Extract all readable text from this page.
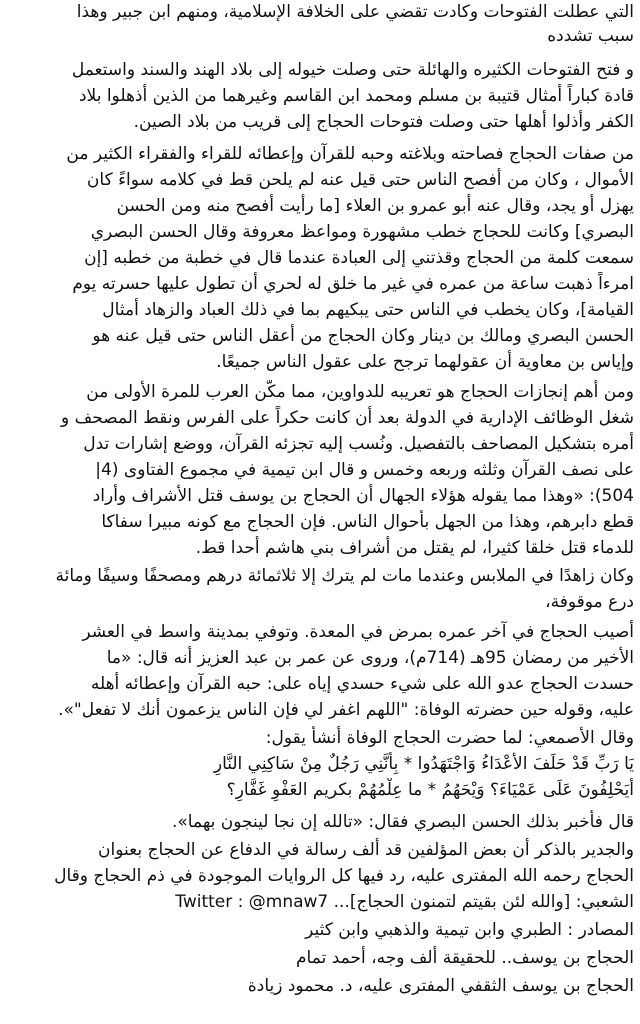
التي عطلت الفتوحات وكادت تقضي على الخلافة الإسلامية، ومنهم ابن جبير وهذا
سبب تشدده
و فتح الفتوحات الكثيره والهائلة حتى وصلت خيوله إلى بلاد الهند والسند واستعمل
قادة كباراً أمثال قتيبة بن مسلم ومحمد ابن القاسم وغيرهما من الذين أذهلوا بلاد
الكفر وأذلوا أهلها حتى وصلت فتوحات الحجاج إلى قريب من بلاد الصين.
من صفات الحجاج فصاحته وبلاغته وحبه للقرآن وإعطائه للقراء والفقراء الكثير من
الأموال ، وكان من أفصح الناس حتى قيل عنه لم يلحن قط في كلامه سواءً كان
يهزل أو يجد، وقال عنه أبو عمرو بن العلاء [ما رأيت أفصح منه ومن الحسن
البصري] وكانت للحجاج خطب مشهورة ومواعظ معروفة وقال الحسن البصري
سمعت كلمة من الحجاج وقذتني إلى العبادة عندما قال في خطبة من خطبه [إن
امرءاً ذهبت ساعة من عمره في غير ما خلق له لحري أن تطول عليها حسرته يوم
القيامة]، وكان يخطب في الناس حتى يبكيهم بما في ذلك العباد والزهاد أمثال
الحسن البصري ومالك بن دينار وكان الحجاج من أعقل الناس حتى قيل عنه هو
وإياس بن معاوية أن عقولهما ترجح على عقول الناس جميعًا.
ومن أهم إنجازات الحجاج هو تعريبه للدواوين، مما مكّن العرب للمرة الأولى من
شغل الوظائف الإدارية في الدولة بعد أن كانت حكراً على الفرس ونقط المصحف و
أمره بتشكيل المصاحف بالتفصيل. ونُسب إليه تجزئه القرآن، ووضع إشارات تدل
على نصف القرآن وثلثه وربعه وخمس و قال ابن تيمية في مجموع الفتاوى (4|
504): «وهذا مما يقوله هؤلاء الجهال أن الحجاج بن يوسف قتل الأشراف وأراد
قطع دابرهم، وهذا من الجهل بأحوال الناس. فإن الحجاج مع كونه مبيرا سفاكا
للدماء قتل خلقا كثيرا، لم يقتل من أشراف بني هاشم أحدا قط.
وكان زاهدًا في الملابس وعندما مات لم يترك إلا ثلاثمائة درهم ومصحفًا وسيفًا ومائة
درع موقوفة،
أصيب الحجاج في آخر عمره بمرض في المعدة. وتوفي بمدينة واسط في العشر
الأخير من رمضان 95هـ (714م)، وروى عن عمر بن عبد العزيز أنه قال: «ما
حسدت الحجاج عدو الله على شيء حسدي إياه على: حبه القرآن وإعطائه أهله
عليه، وقوله حين حضرته الوفاة: "اللهم اغفر لي فإن الناس يزعمون أنك لا تفعل"».
وقال الأصمعي: لما حضرت الحجاج الوفاة أنشأ يقول:
يَا رَبِّ قَدْ حَلَفَ الأَعْدَاءُ وَاجْتَهَدُوا * بِأَنَّنِي رَجُلٌ مِنْ سَاكِنِي النَّارِ
أَيَحْلِفُونَ عَلَى عَمْيَاءَ؟ وَيْحَهُمُ * ما عِلْمُهُمْ بكريم العَفْوِ غَفَّارِ؟
قال فأُخبر بذلك الحسن البصري فقال: «تالله إن نجا لينجون بهما».
والجدير بالذكر أن بعض المؤلفين قد ألف رسالة في الدفاع عن الحجاج بعنوان
الحجاج رحمه الله المفترى عليه، رد فيها كل الروايات الموجودة في ذم الحجاج وقال
الشعبي: [والله لئن بقيتم لتمنون الحجاج]... Twitter : @mnaw7
المصادر : الطبري وابن تيمية والذهبي وابن كثير
الحجاج بن يوسف.. للحقيقة ألف وجه، أحمد تمام
الحجاج بن يوسف الثقفي المفترى عليه، د. محمود زيادة
